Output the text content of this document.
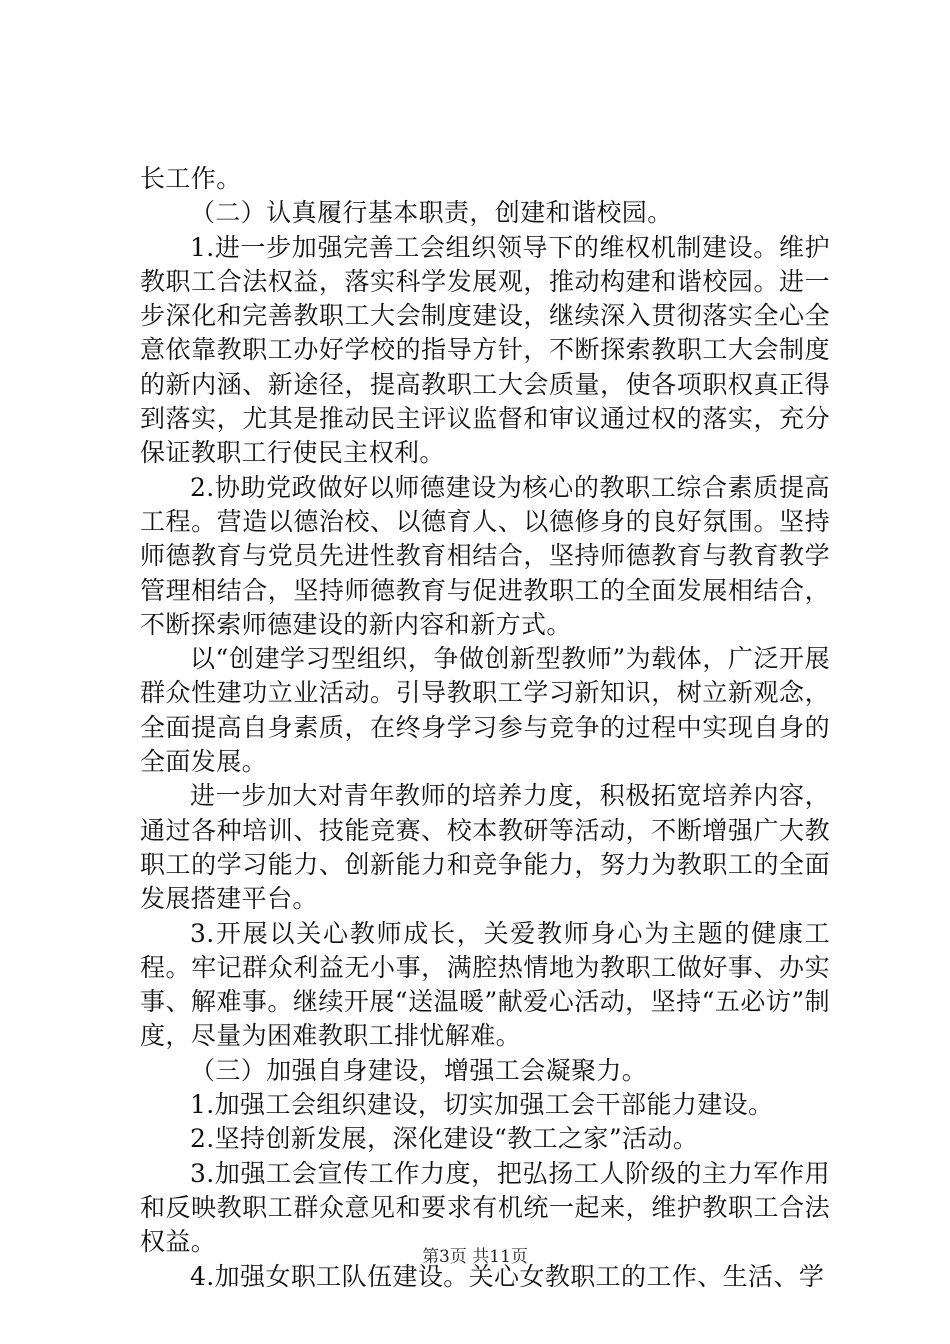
长工作。

（二）认真履行基本职责，创建和谐校园。

1.进一步加强完善工会组织领导下的维权机制建设。维护教职工合法权益，落实科学发展观，推动构建和谐校园。进一步深化和完善教职工大会制度建设，继续深入贯彻落实全心全意依靠教职工办好学校的指导方针，不断探索教职工大会制度的新内涵、新途径，提高教职工大会质量，使各项职权真正得到落实，尤其是推动民主评议监督和审议通过权的落实，充分保证教职工行使民主权利。

2.协助党政做好以师德建设为核心的教职工综合素质提高工程。营造以德治校、以德育人、以德修身的良好氛围。坚持师德教育与党员先进性教育相结合，坚持师德教育与教育教学管理相结合，坚持师德教育与促进教职工的全面发展相结合，不断探索师德建设的新内容和新方式。

以“创建学习型组织，争做创新型教师”为载体，广泛开展群众性建功立业活动。引导教职工学习新知识，树立新观念，全面提高自身素质，在终身学习参与竞争的过程中实现自身的全面发展。

进一步加大对青年教师的培养力度，积极拓宽培养内容，通过各种培训、技能竞赛、校本教研等活动，不断增强广大教职工的学习能力、创新能力和竞争能力，努力为教职工的全面发展搭建平台。

3.开展以关心教师成长，关爱教师身心为主题的健康工程。牢记群众利益无小事，满腔热情地为教职工做好事、办实事、解难事。继续开展“送温暖”献爱心活动，坚持“五必访”制度，尽量为困难教职工排忧解难。

（三）加强自身建设，增强工会凝聚力。

1.加强工会组织建设，切实加强工会干部能力建设。

2.坚持创新发展，深化建设“教工之家”活动。

3.加强工会宣传工作力度，把弘扬工人阶级的主力军作用和反映教职工群众意见和要求有机统一起来，维护教职工合法权益。

4.加强女职工队伍建设。关心女教职工的工作、生活、学

第3页 共11页
